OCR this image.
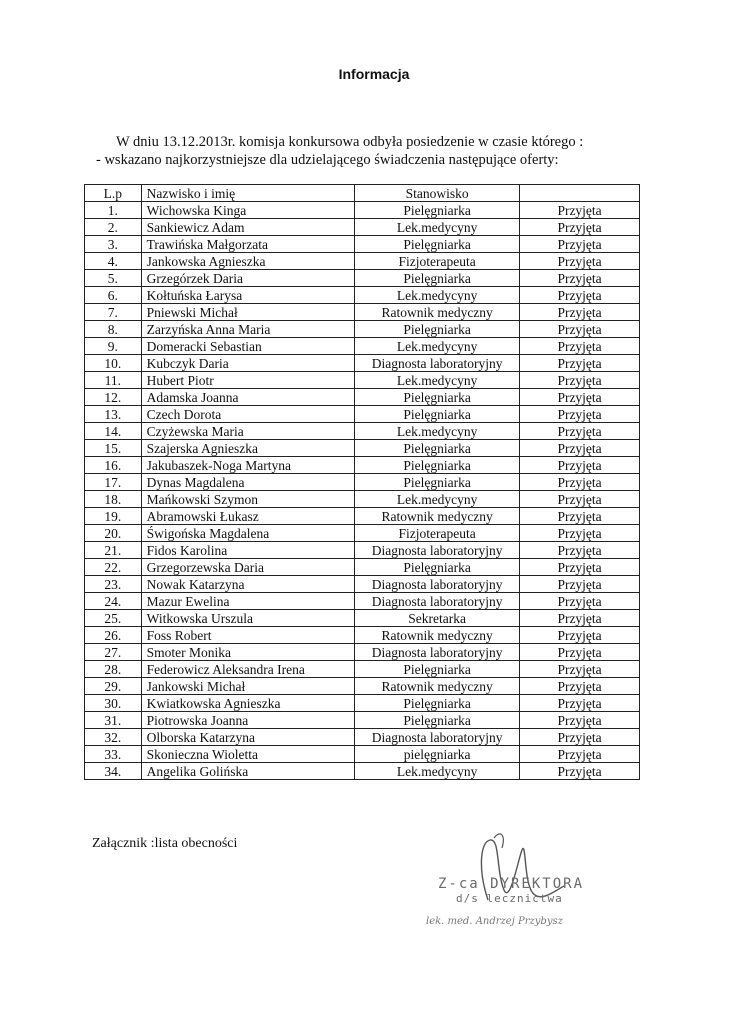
Informacja
W dniu 13.12.2013r. komisja konkursowa odbyła posiedzenie w czasie którego :
- wskazano najkorzystniejsze dla udzielającego świadczenia następujące oferty:
L.p	Nazwisko i imię	Stanowisko	
1.	Wichowska Kinga	Pielęgniarka	Przyjęta
2.	Sankiewicz Adam	Lek.medycyny	Przyjęta
3.	Trawińska Małgorzata	Pielęgniarka	Przyjęta
4.	Jankowska Agnieszka	Fizjoterapeuta	Przyjęta
5.	Grzegórzek Daria	Pielęgniarka	Przyjęta
6.	Kołtuńska Łarysa	Lek.medycyny	Przyjęta
7.	Pniewski Michał	Ratownik medyczny	Przyjęta
8.	Zarzyńska Anna Maria	Pielęgniarka	Przyjęta
9.	Domeracki Sebastian	Lek.medycyny	Przyjęta
10.	Kubczyk Daria	Diagnosta laboratoryjny	Przyjęta
11.	Hubert Piotr	Lek.medycyny	Przyjęta
12.	Adamska Joanna	Pielęgniarka	Przyjęta
13.	Czech Dorota	Pielęgniarka	Przyjęta
14.	Czyżewska Maria	Lek.medycyny	Przyjęta
15.	Szajerska Agnieszka	Pielęgniarka	Przyjęta
16.	Jakubaszek-Noga Martyna	Pielęgniarka	Przyjęta
17.	Dynas Magdalena	Pielęgniarka	Przyjęta
18.	Mańkowski Szymon	Lek.medycyny	Przyjęta
19.	Abramowski Łukasz	Ratownik medyczny	Przyjęta
20.	Świgońska Magdalena	Fizjoterapeuta	Przyjęta
21.	Fidos Karolina	Diagnosta laboratoryjny	Przyjęta
22.	Grzegorzewska Daria	Pielęgniarka	Przyjęta
23.	Nowak Katarzyna	Diagnosta laboratoryjny	Przyjęta
24.	Mazur Ewelina	Diagnosta laboratoryjny	Przyjęta
25.	Witkowska Urszula	Sekretarka	Przyjęta
26.	Foss Robert	Ratownik medyczny	Przyjęta
27.	Smoter Monika	Diagnosta laboratoryjny	Przyjęta
28.	Federowicz Aleksandra Irena	Pielęgniarka	Przyjęta
29.	Jankowski Michał	Ratownik medyczny	Przyjęta
30.	Kwiatkowska Agnieszka	Pielęgniarka	Przyjęta
31.	Piotrowska Joanna	Pielęgniarka	Przyjęta
32.	Olborska Katarzyna	Diagnosta laboratoryjny	Przyjęta
33.	Skonieczna Wioletta	pielęgniarka	Przyjęta
34.	Angelika Golińska	Lek.medycyny	Przyjęta
Załącznik :lista obecności
Z-ca DYREKTORA
d/s lecznictwa
lek. med. Andrzej Przybysz
